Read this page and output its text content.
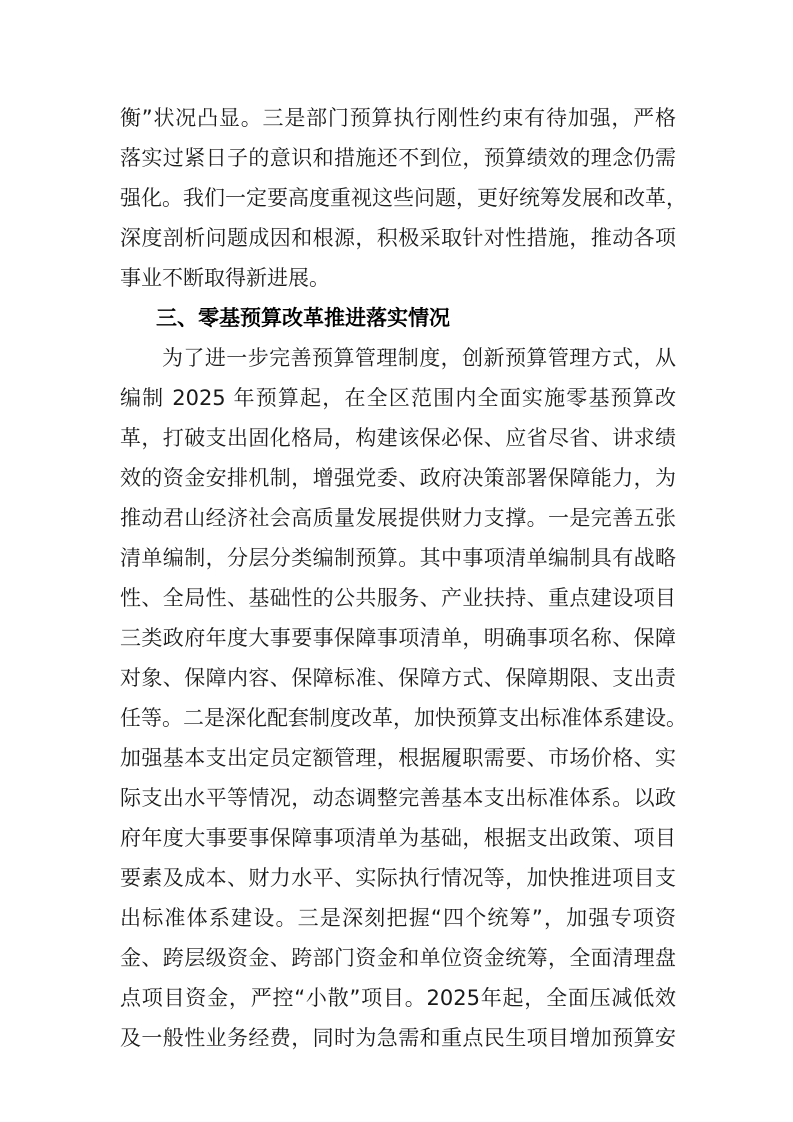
衡”状况凸显。三是部门预算执行刚性约束有待加强，严格
落实过紧日子的意识和措施还不到位，预算绩效的理念仍需
强化。我们一定要高度重视这些问题，更好统筹发展和改革，
深度剖析问题成因和根源，积极采取针对性措施，推动各项
事业不断取得新进展。
三、零基预算改革推进落实情况
为了进一步完善预算管理制度，创新预算管理方式，从
编制 2025 年预算起，在全区范围内全面实施零基预算改
革，打破支出固化格局，构建该保必保、应省尽省、讲求绩
效的资金安排机制，增强党委、政府决策部署保障能力，为
推动君山经济社会高质量发展提供财力支撑。一是完善五张
清单编制，分层分类编制预算。其中事项清单编制具有战略
性、全局性、基础性的公共服务、产业扶持、重点建设项目
三类政府年度大事要事保障事项清单，明确事项名称、保障
对象、保障内容、保障标准、保障方式、保障期限、支出责
任等。二是深化配套制度改革，加快预算支出标准体系建设。
加强基本支出定员定额管理，根据履职需要、市场价格、实
际支出水平等情况，动态调整完善基本支出标准体系。以政
府年度大事要事保障事项清单为基础，根据支出政策、项目
要素及成本、财力水平、实际执行情况等，加快推进项目支
出标准体系建设。三是深刻把握“四个统筹”，加强专项资
金、跨层级资金、跨部门资金和单位资金统筹，全面清理盘
点项目资金，严控“小散”项目。2025年起，全面压减低效
及一般性业务经费，同时为急需和重点民生项目增加预算安
